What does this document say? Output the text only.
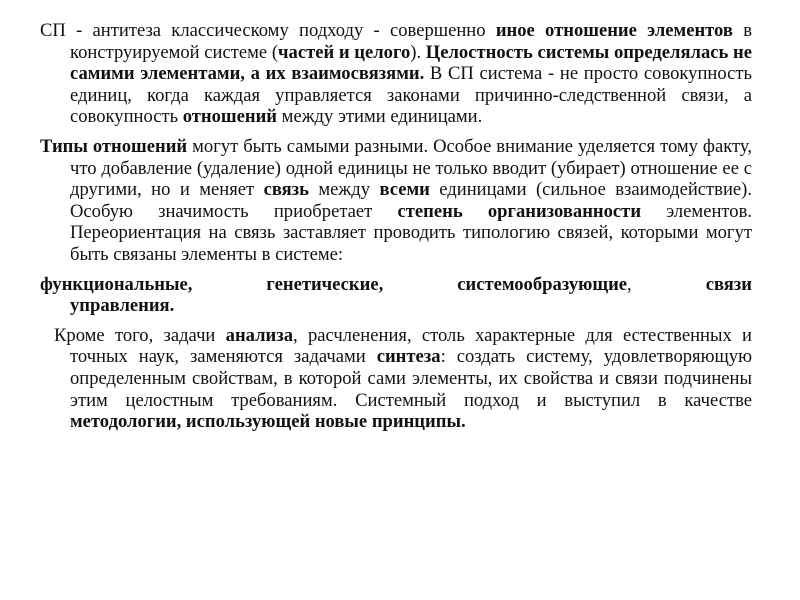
СП - антитеза классическому подходу - совершенно иное отношение элементов в конструируемой системе (частей и целого). Целостность системы определялась не самими элементами, а их взаимосвязями. В СП система - не просто совокупность единиц, когда каждая управляется законами причинно-следственной связи, а совокупность отношений между этими единицами.

Типы отношений могут быть самыми разными. Особое внимание уделяется тому факту, что добавление (удаление) одной единицы не только вводит (убирает) отношение ее с другими, но и меняет связь между всеми единицами (сильное взаимодействие). Особую значимость приобретает степень организованности элементов. Переориентация на связь заставляет проводить типологию связей, которыми могут быть связаны элементы в системе:

функциональные, генетические, системообразующие, связи

управления.

Кроме того, задачи анализа, расчленения, столь характерные для естественных и точных наук, заменяются задачами синтеза: создать систему, удовлетворяющую определенным свойствам, в которой сами элементы, их свойства и связи подчинены этим целостным требованиям. Системный подход и выступил в качестве методологии, использующей новые принципы.
